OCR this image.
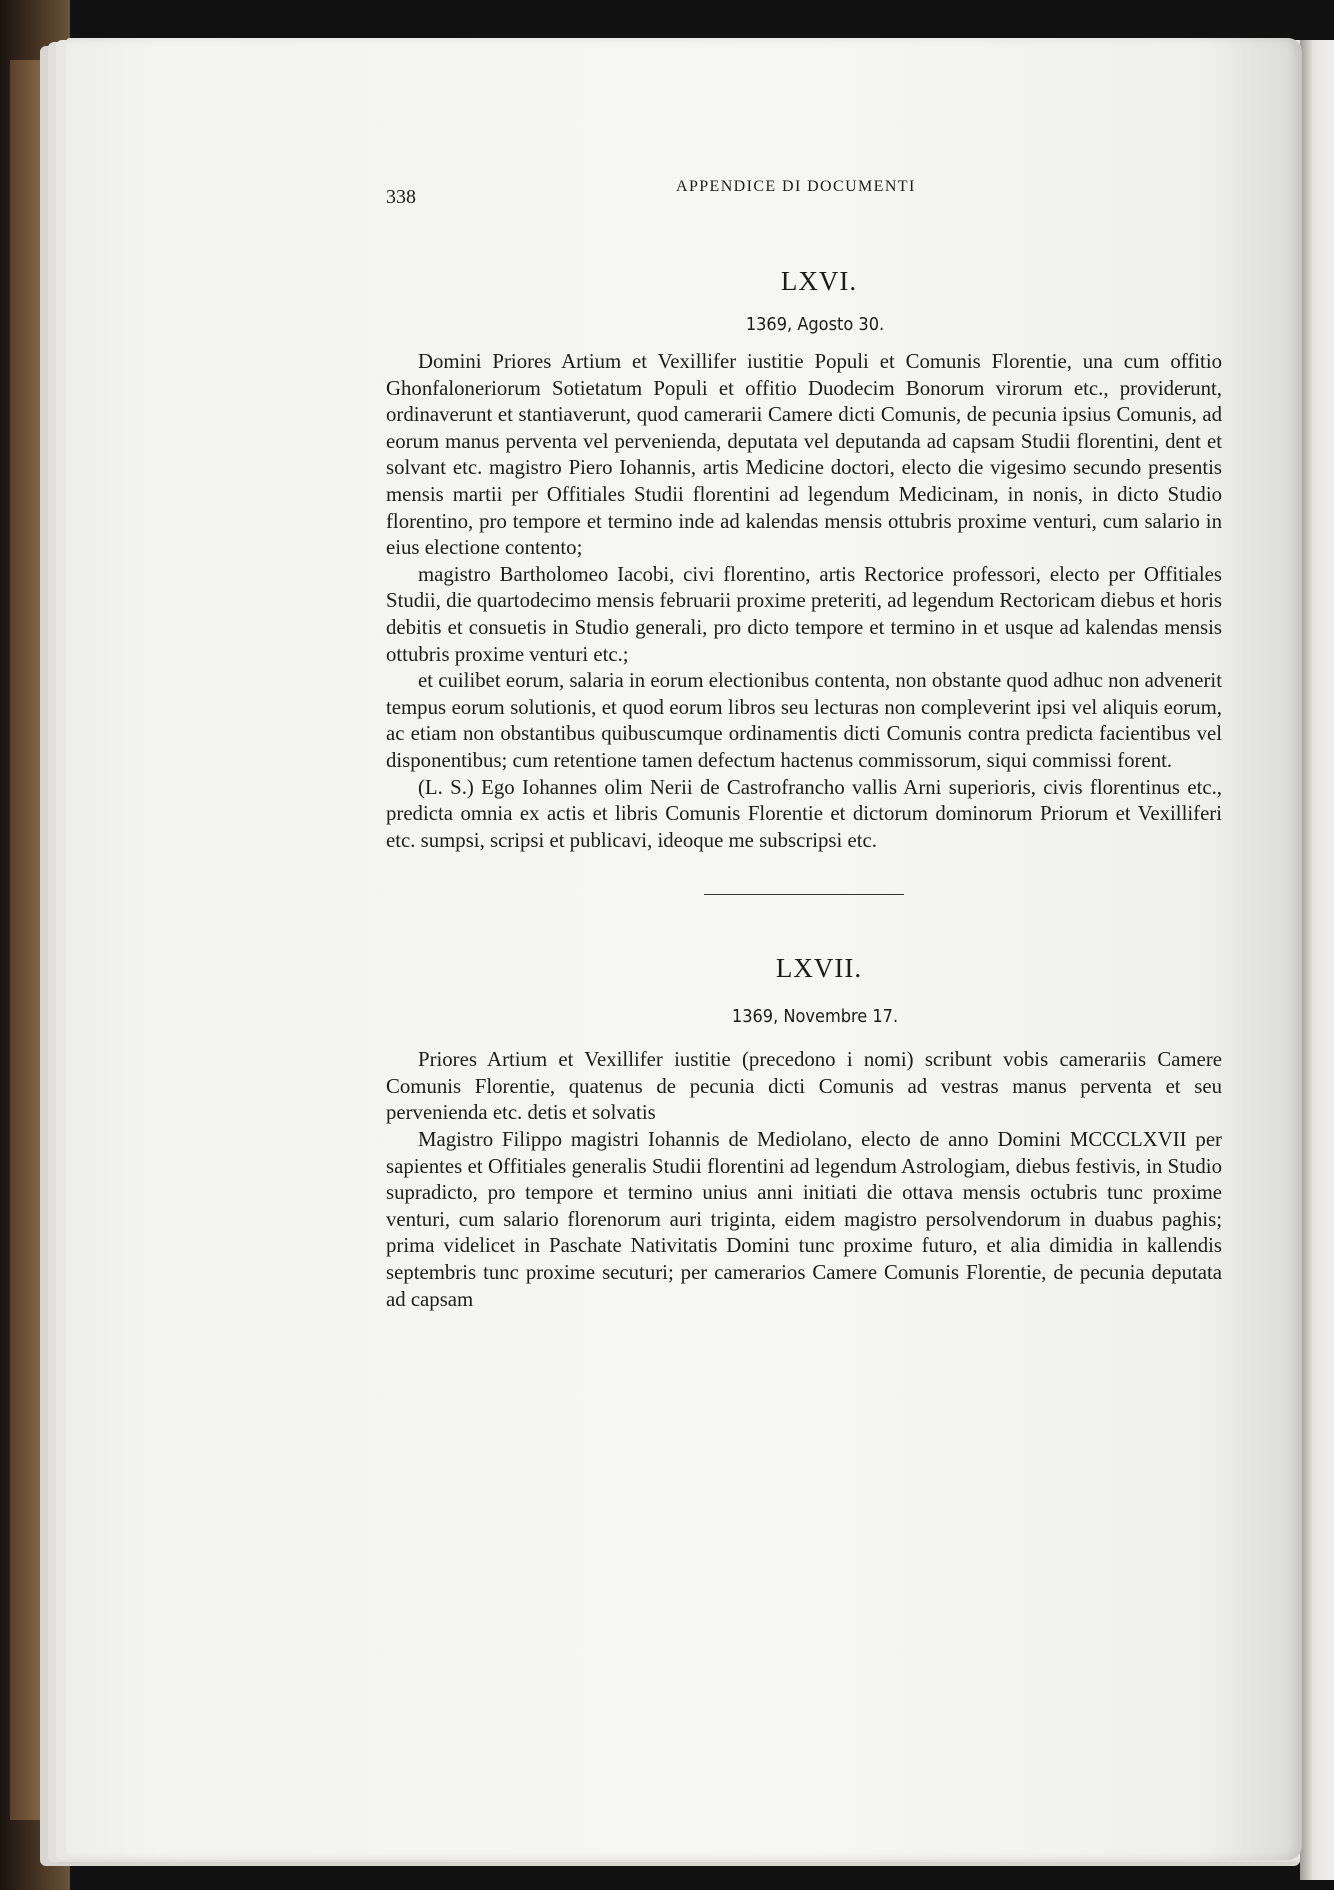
338	APPENDICE DI DOCUMENTI
LXVI.
1369, Agosto 30.

Domini Priores Artium et Vexillifer iustitie Populi et Comunis Florentie, una cum offitio Ghonfaloneriorum Sotietatum Populi et offitio Duodecim Bonorum virorum etc., providerunt, ordinaverunt et stantiaverunt, quod camerarii Camere dicti Comunis, de pecunia ipsius Comunis, ad eorum manus perventa vel pervenienda, deputata vel deputanda ad capsam Studii florentini, dent et solvant etc. magistro Piero Iohannis, artis Medicine doctori, electo die vigesimo secundo presentis mensis martii per Offitiales Studii florentini ad legendum Medicinam, in nonis, in dicto Studio florentino, pro tempore et termino inde ad kalendas mensis ottubris proxime venturi, cum salario in eius electione contento;

magistro Bartholomeo Iacobi, civi florentino, artis Rectorice professori, electo per Offitiales Studii, die quartodecimo mensis februarii proxime preteriti, ad legendum Rectoricam diebus et horis debitis et consuetis in Studio generali, pro dicto tempore et termino in et usque ad kalendas mensis ottubris proxime venturi etc.;

et cuilibet eorum, salaria in eorum electionibus contenta, non obstante quod adhuc non advenerit tempus eorum solutionis, et quod eorum libros seu lecturas non compleverint ipsi vel aliquis eorum, ac etiam non obstantibus quibuscumque ordinamentis dicti Comunis contra predicta facientibus vel disponentibus; cum retentione tamen defectum hactenus commissorum, siqui commissi forent.

(L. S.) Ego Iohannes olim Nerii de Castrofrancho vallis Arni superioris, civis florentinus etc., predicta omnia ex actis et libris Comunis Florentie et dictorum dominorum Priorum et Vexilliferi etc. sumpsi, scripsi et publicavi, ideoque me subscripsi etc.

LXVII.
1369, Novembre 17.

Priores Artium et Vexillifer iustitie (precedono i nomi) scribunt vobis camerariis Camere Comunis Florentie, quatenus de pecunia dicti Comunis ad vestras manus perventa et seu pervenienda etc. detis et solvatis

Magistro Filippo magistri Iohannis de Mediolano, electo de anno Domini MCCCLXVII per sapientes et Offitiales generalis Studii florentini ad legendum Astrologiam, diebus festivis, in Studio supradicto, pro tempore et termino unius anni initiati die ottava mensis octubris tunc proxime venturi, cum salario florenorum auri triginta, eidem magistro persolvendorum in duabus paghis; prima videlicet in Paschate Nativitatis Domini tunc proxime futuro, et alia dimidia in kallendis septembris tunc proxime secuturi; per camerarios Camere Comunis Florentie, de pecunia deputata ad capsam
